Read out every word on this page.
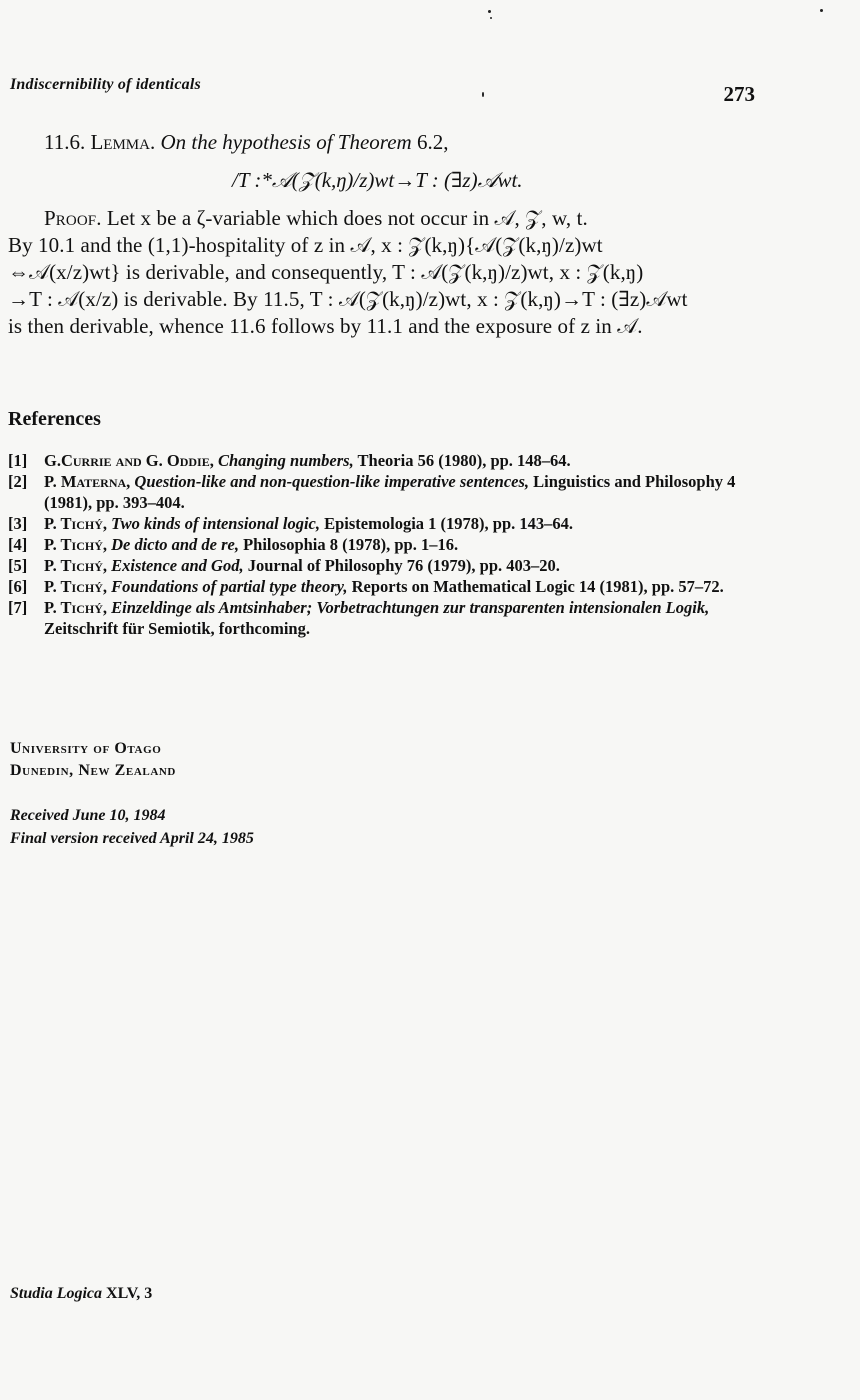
Indiscernibility of identicals	273
11.6. Lemma. On the hypothesis of Theorem 6.2,
/T :*𝒜(𝒵(k,ŋ)/z)wt→T : (∃z)𝒜wt.
Proof. Let x be a ζ-variable which does not occur in 𝒜, 𝒵, w, t.
By 10.1 and the (1,1)-hospitality of z in 𝒜, x : 𝒵(k,ŋ){𝒜(𝒵(k,ŋ)/z)wt
⇔𝒜(x/z)wt} is derivable, and consequently, T : 𝒜(𝒵(k,ŋ)/z)wt, x : 𝒵(k,ŋ)
→T : 𝒜(x/z) is derivable. By 11.5, T : 𝒜(𝒵(k,ŋ)/z)wt, x : 𝒵(k,ŋ)→T : (∃z)𝒜wt
is then derivable, whence 11.6 follows by 11.1 and the exposure of z in 𝒜.
References
[1]	G.Currie and G. Oddie, Changing numbers, Theoria 56 (1980), pp. 148–64.
[2]	P. Materna, Question-like and non-question-like imperative sentences, Linguistics and Philosophy 4 (1981), pp. 393–404.
[3]	P. Tichý, Two kinds of intensional logic, Epistemologia 1 (1978), pp. 143–64.
[4]	P. Tichý, De dicto and de re, Philosophia 8 (1978), pp. 1–16.
[5]	P. Tichý, Existence and God, Journal of Philosophy 76 (1979), pp. 403–20.
[6]	P. Tichý, Foundations of partial type theory, Reports on Mathematical Logic 14 (1981), pp. 57–72.
[7]	P. Tichý, Einzeldinge als Amtsinhaber; Vorbetrachtungen zur transparenten intensionalen Logik, Zeitschrift für Semiotik, forthcoming.
University of Otago
Dunedin, New Zealand
Received June 10, 1984
Final version received April 24, 1985
Studia Logica XLV, 3
